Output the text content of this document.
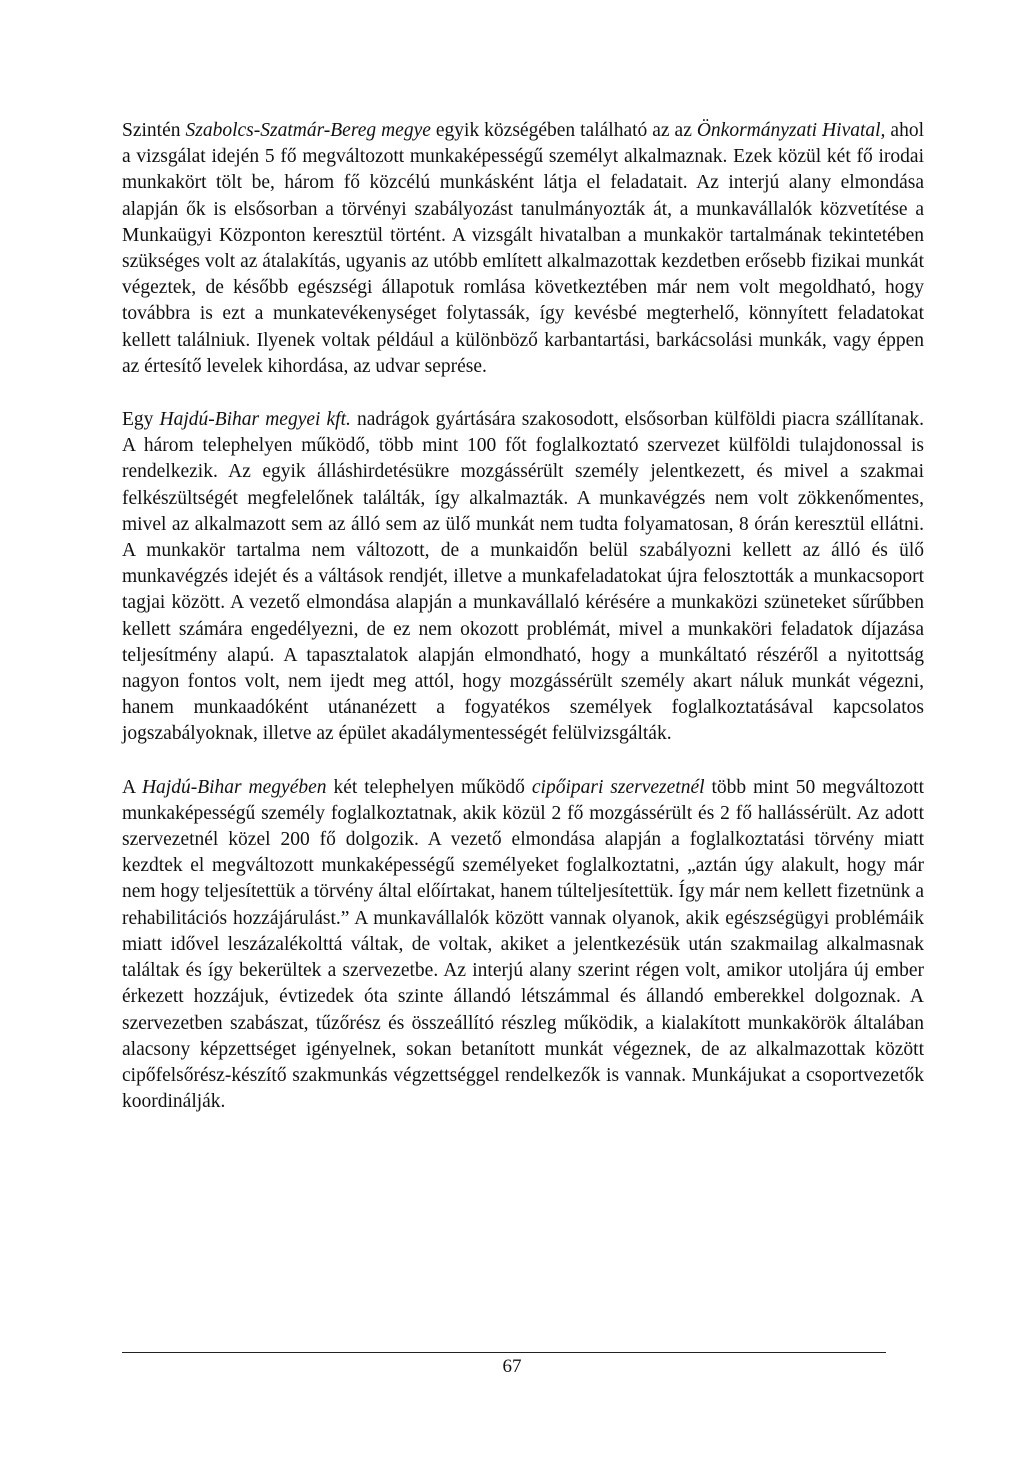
Szintén Szabolcs-Szatmár-Bereg megye egyik községében található az az Önkormányzati Hivatal, ahol a vizsgálat idején 5 fő megváltozott munkaképességű személyt alkalmaznak. Ezek közül két fő irodai munkakört tölt be, három fő közcélú munkásként látja el feladatait. Az interjú alany elmondása alapján ők is elsősorban a törvényi szabályozást tanulmányozták át, a munkavállalók közvetítése a Munkaügyi Központon keresztül történt. A vizsgált hivatalban a munkakör tartalmának tekintetében szükséges volt az átalakítás, ugyanis az utóbb említett alkalmazottak kezdetben erősebb fizikai munkát végeztek, de később egészségi állapotuk romlása következtében már nem volt megoldható, hogy továbbra is ezt a munkatevékenységet folytassák, így kevésbé megterhelő, könnyített feladatokat kellett találniuk. Ilyenek voltak például a különböző karbantartási, barkácsolási munkák, vagy éppen az értesítő levelek kihordása, az udvar seprése.

Egy Hajdú-Bihar megyei kft. nadrágok gyártására szakosodott, elsősorban külföldi piacra szállítanak. A három telephelyen működő, több mint 100 főt foglalkoztató szervezet külföldi tulajdonossal is rendelkezik. Az egyik álláshirdetésükre mozgássérült személy jelentkezett, és mivel a szakmai felkészültségét megfelelőnek találták, így alkalmazták. A munkavégzés nem volt zökkenőmentes, mivel az alkalmazott sem az álló sem az ülő munkát nem tudta folyamatosan, 8 órán keresztül ellátni. A munkakör tartalma nem változott, de a munkaidőn belül szabályozni kellett az álló és ülő munkavégzés idejét és a váltások rendjét, illetve a munkafeladatokat újra felosztották a munkacsoport tagjai között. A vezető elmondása alapján a munkavállaló kérésére a munkaközi szüneteket sűrűbben kellett számára engedélyezni, de ez nem okozott problémát, mivel a munkaköri feladatok díjazása teljesítmény alapú. A tapasztalatok alapján elmondható, hogy a munkáltató részéről a nyitottság nagyon fontos volt, nem ijedt meg attól, hogy mozgássérült személy akart náluk munkát végezni, hanem munkaadóként utánanézett a fogyatékos személyek foglalkoztatásával kapcsolatos jogszabályoknak, illetve az épület akadálymentességét felülvizsgálták.

A Hajdú-Bihar megyében két telephelyen működő cipőipari szervezetnél több mint 50 megváltozott munkaképességű személy foglalkoztatnak, akik közül 2 fő mozgássérült és 2 fő hallássérült. Az adott szervezetnél közel 200 fő dolgozik. A vezető elmondása alapján a foglalkoztatási törvény miatt kezdtek el megváltozott munkaképességű személyeket foglalkoztatni, „aztán úgy alakult, hogy már nem hogy teljesítettük a törvény által előírtakat, hanem túlteljesítettük. Így már nem kellett fizetnünk a rehabilitációs hozzájárulást.” A munkavállalók között vannak olyanok, akik egészségügyi problémáik miatt idővel leszázalékolttá váltak, de voltak, akiket a jelentkezésük után szakmailag alkalmasnak találtak és így bekerültek a szervezetbe. Az interjú alany szerint régen volt, amikor utoljára új ember érkezett hozzájuk, évtizedek óta szinte állandó létszámmal és állandó emberekkel dolgoznak. A szervezetben szabászat, tűzőrész és összeállító részleg működik, a kialakított munkakörök általában alacsony képzettséget igényelnek, sokan betanított munkát végeznek, de az alkalmazottak között cipőfelsőrész-készítő szakmunkás végzettséggel rendelkezők is vannak. Munkájukat a csoportvezetők koordinálják.

67
